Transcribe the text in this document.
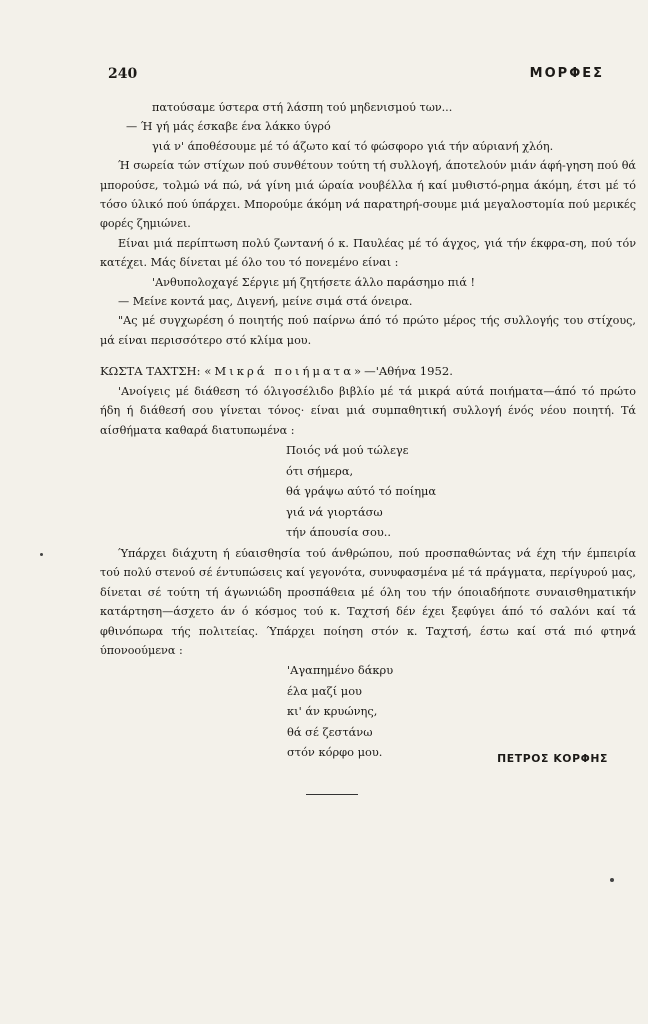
240	ΜΟΡΦΕΣ

πατούσαμε ύστερα στή λάσπη τού μηδενισμού των...

— Ή γή μάς έσκαβε ένα λάκκο ύγρό

γιά ν' άποθέσουμε μέ τό άζωτο καί τό φώσφορο γιά τήν αύριανή χλόη.

Ή σωρεία τών στίχων πού συνθέτουν τούτη τή συλλογή, άποτελούν μιάν άφή-γηση πού θά μπορούσε, τολμώ νά πώ, νά γίνη μιά ώραία νουβέλλα ή καί μυθιστό-ρημα άκόμη, έτσι μέ τό τόσο ύλικό πού ύπάρχει. Μπορούμε άκόμη νά παρατηρή-σουμε μιά μεγαλοστομία πού μερικές φορές ζημιώνει.

Είναι μιά περίπτωση πολύ ζωντανή ό κ. Παυλέας μέ τό άγχος, γιά τήν έκφρα-ση, πού τόν κατέχει. Μάς δίνεται μέ όλο του τό πονεμένο είναι :

'Ανθυπολοχαγέ Σέργιε μή ζητήσετε άλλο παράσημο πιά !

— Μείνε κοντά μας, Διγενή, μείνε σιμά στά όνειρα.

"Ας μέ συγχωρέση ό ποιητής πού παίρνω άπό τό πρώτο μέρος τής συλλογής του στίχους, μά είναι περισσότερο στό κλίμα μου.

ΚΩΣΤΑ ΤΑΧΤΣΗ: «Μικρά ποιήματα»—'Αθήνα 1952.

'Ανοίγεις μέ διάθεση τό όλιγοσέλιδο βιβλίο μέ τά μικρά αύτά ποιήματα—άπό τό πρώτο ήδη ή διάθεσή σου γίνεται τόνος· είναι μιά συμπαθητική συλλογή ένός νέου ποιητή. Τά αίσθήματα καθαρά διατυπωμένα :

Ποιός νά μού τώλεγε

ότι σήμερα,

θά γράψω αύτό τό ποίημα

γιά νά γιορτάσω

τήν άπουσία σου..

Ύπάρχει διάχυτη ή εύαισθησία τού άνθρώπου, πού προσπαθώντας νά έχη τήν έμπειρία τού πολύ στενού σέ έντυπώσεις καί γεγονότα, συνυφασμένα μέ τά πράγματα, περίγυρού μας, δίνεται σέ τούτη τή άγωνιώδη προσπάθεια μέ όλη του τήν όποιαδήποτε συναισθηματικήν κατάρτηση—άσχετο άν ό κόσμος τού κ. Ταχτσή δέν έχει ξεφύγει άπό τό σαλόνι καί τά φθινόπωρα τής πολιτείας. Ύπάρχει ποίηση στόν κ. Ταχτσή, έστω καί στά πιό φτηνά ύπονοούμενα :

'Αγαπημένο δάκρυ

έλα μαζί μου

κι' άν κρυώνης,

θά σέ ζεστάνω

στόν κόρφο μου.	ΠΕΤΡΟΣ ΚΟΡΦΗΣ
